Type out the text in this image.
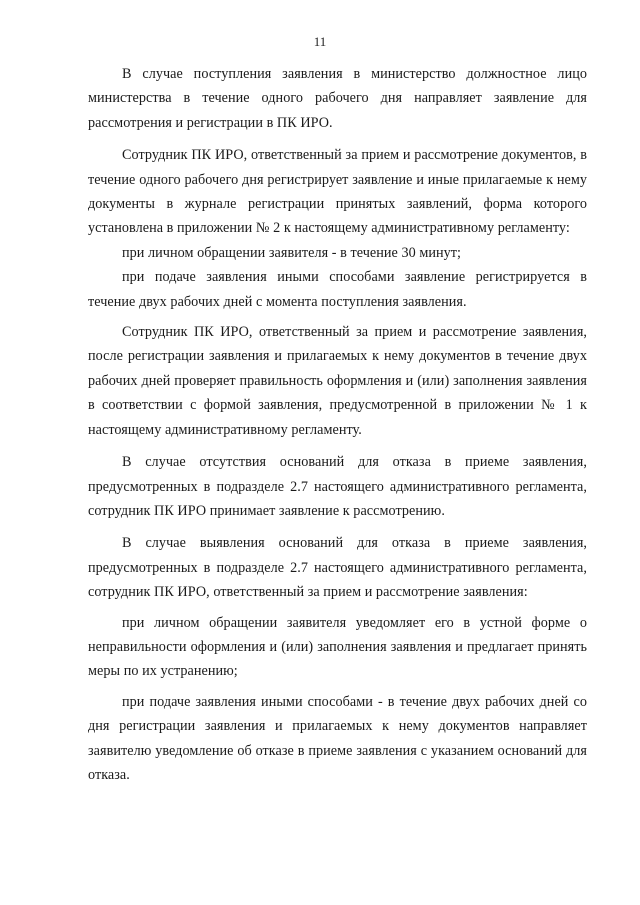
11

В случае поступления заявления в министерство должностное лицо министерства в течение одного рабочего дня направляет заявление для рассмотрения и регистрации в ПК ИРО.

Сотрудник ПК ИРО, ответственный за прием и рассмотрение документов, в течение одного рабочего дня регистрирует заявление и иные прилагаемые к нему документы в журнале регистрации принятых заявлений, форма которого установлена в приложении № 2 к настоящему административному регламенту:

при личном обращении заявителя - в течение 30 минут;

при подаче заявления иными способами заявление регистрируется в течение двух рабочих дней с момента поступления заявления.

Сотрудник ПК ИРО, ответственный за прием и рассмотрение заявления, после регистрации заявления и прилагаемых к нему документов в течение двух рабочих дней проверяет правильность оформления и (или) заполнения заявления в соответствии с формой заявления, предусмотренной в приложении № 1 к настоящему административному регламенту.

В случае отсутствия оснований для отказа в приеме заявления, предусмотренных в подразделе 2.7 настоящего административного регламента, сотрудник ПК ИРО принимает заявление к рассмотрению.

В случае выявления оснований для отказа в приеме заявления, предусмотренных в подразделе 2.7 настоящего административного регламента, сотрудник ПК ИРО, ответственный за прием и рассмотрение заявления:

при личном обращении заявителя уведомляет его в устной форме о неправильности оформления и (или) заполнения заявления и предлагает принять меры по их устранению;

при подаче заявления иными способами - в течение двух рабочих дней со дня регистрации заявления и прилагаемых к нему документов направляет заявителю уведомление об отказе в приеме заявления с указанием оснований для отказа.
